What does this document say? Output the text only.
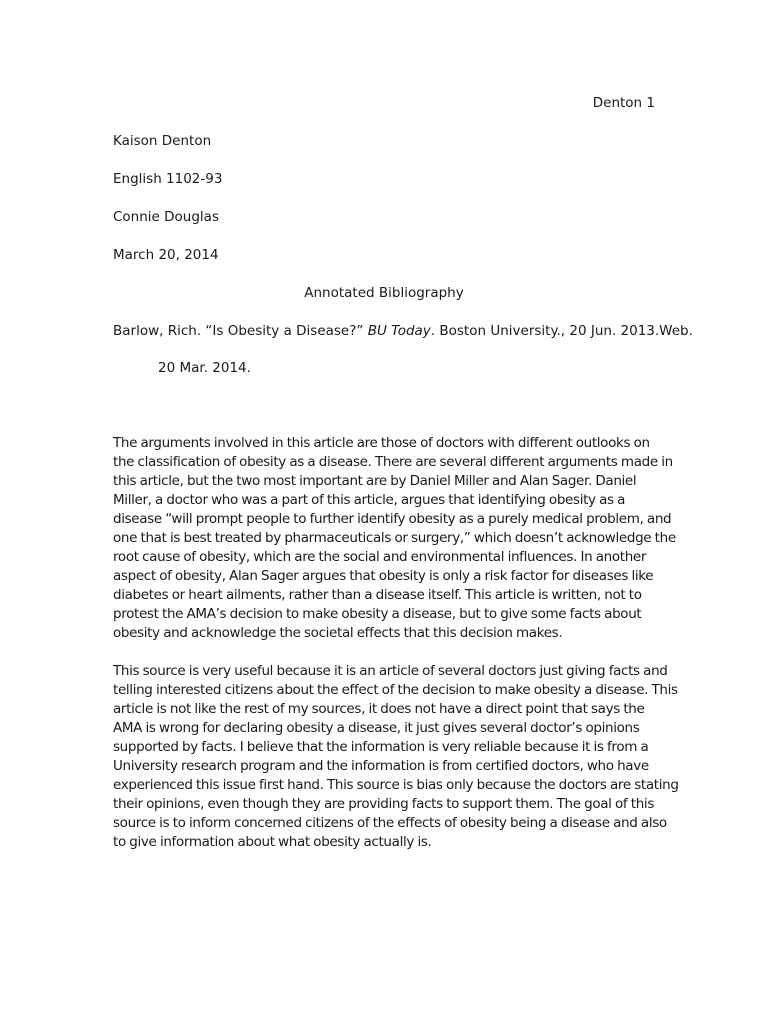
Denton 1
Kaison Denton
English 1102-93
Connie Douglas
March 20, 2014
Annotated Bibliography
Barlow, Rich. “Is Obesity a Disease?” BU Today. Boston University., 20 Jun. 2013.Web.
20 Mar. 2014.
The arguments involved in this article are those of doctors with different outlooks on
the classification of obesity as a disease. There are several different arguments made in
this article, but the two most important are by Daniel Miller and Alan Sager. Daniel
Miller, a doctor who was a part of this article, argues that identifying obesity as a
disease “will prompt people to further identify obesity as a purely medical problem, and
one that is best treated by pharmaceuticals or surgery,” which doesn’t acknowledge the
root cause of obesity, which are the social and environmental influences. In another
aspect of obesity, Alan Sager argues that obesity is only a risk factor for diseases like
diabetes or heart ailments, rather than a disease itself. This article is written, not to
protest the AMA’s decision to make obesity a disease, but to give some facts about
obesity and acknowledge the societal effects that this decision makes.
This source is very useful because it is an article of several doctors just giving facts and
telling interested citizens about the effect of the decision to make obesity a disease. This
article is not like the rest of my sources, it does not have a direct point that says the
AMA is wrong for declaring obesity a disease, it just gives several doctor’s opinions
supported by facts. I believe that the information is very reliable because it is from a
University research program and the information is from certified doctors, who have
experienced this issue first hand. This source is bias only because the doctors are stating
their opinions, even though they are providing facts to support them. The goal of this
source is to inform concerned citizens of the effects of obesity being a disease and also
to give information about what obesity actually is.
